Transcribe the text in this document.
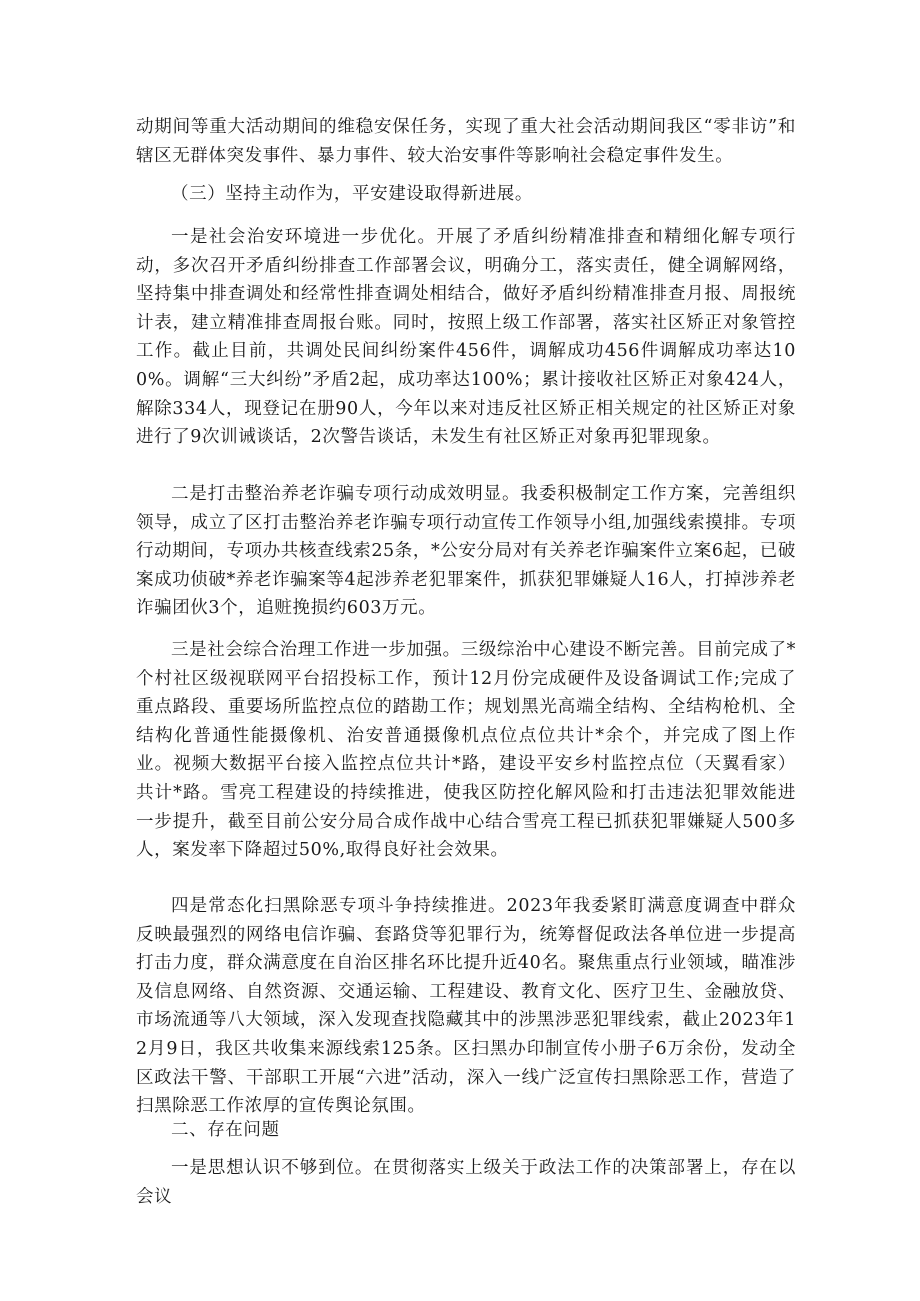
动期间等重大活动期间的维稳安保任务，实现了重大社会活动期间我区“零非访”和辖区无群体突发事件、暴力事件、较大治安事件等影响社会稳定事件发生。

（三）坚持主动作为，平安建设取得新进展。

一是社会治安环境进一步优化。开展了矛盾纠纷精准排查和精细化解专项行动，多次召开矛盾纠纷排查工作部署会议，明确分工，落实责任，健全调解网络，坚持集中排查调处和经常性排查调处相结合，做好矛盾纠纷精准排查月报、周报统计表，建立精准排查周报台账。同时，按照上级工作部署，落实社区矫正对象管控工作。截止目前，共调处民间纠纷案件456件，调解成功456件调解成功率达100%。调解“三大纠纷”矛盾2起，成功率达100%；累计接收社区矫正对象424人，解除334人，现登记在册90人，今年以来对违反社区矫正相关规定的社区矫正对象进行了9次训诫谈话，2次警告谈话，未发生有社区矫正对象再犯罪现象。

二是打击整治养老诈骗专项行动成效明显。我委积极制定工作方案，完善组织领导，成立了区打击整治养老诈骗专项行动宣传工作领导小组,加强线索摸排。专项行动期间，专项办共核查线索25条，*公安分局对有关养老诈骗案件立案6起，已破案成功侦破*养老诈骗案等4起涉养老犯罪案件，抓获犯罪嫌疑人16人，打掉涉养老诈骗团伙3个，追赃挽损约603万元。

三是社会综合治理工作进一步加强。三级综治中心建设不断完善。目前完成了*个村社区级视联网平台招投标工作，预计12月份完成硬件及设备调试工作;完成了重点路段、重要场所监控点位的踏勘工作；规划黑光高端全结构、全结构枪机、全结构化普通性能摄像机、治安普通摄像机点位点位共计*余个，并完成了图上作业。视频大数据平台接入监控点位共计*路，建设平安乡村监控点位（天翼看家）共计*路。雪亮工程建设的持续推进，使我区防控化解风险和打击违法犯罪效能进一步提升，截至目前公安分局合成作战中心结合雪亮工程已抓获犯罪嫌疑人500多人，案发率下降超过50%,取得良好社会效果。

四是常态化扫黑除恶专项斗争持续推进。2023年我委紧盯满意度调查中群众反映最强烈的网络电信诈骗、套路贷等犯罪行为，统筹督促政法各单位进一步提高打击力度，群众满意度在自治区排名环比提升近40名。聚焦重点行业领域，瞄准涉及信息网络、自然资源、交通运输、工程建设、教育文化、医疗卫生、金融放贷、市场流通等八大领域，深入发现查找隐藏其中的涉黑涉恶犯罪线索，截止2023年12月9日，我区共收集来源线索125条。区扫黑办印制宣传小册子6万余份，发动全区政法干警、干部职工开展“六进”活动，深入一线广泛宣传扫黑除恶工作，营造了扫黑除恶工作浓厚的宣传舆论氛围。

二、存在问题

一是思想认识不够到位。在贯彻落实上级关于政法工作的决策部署上，存在以会议
